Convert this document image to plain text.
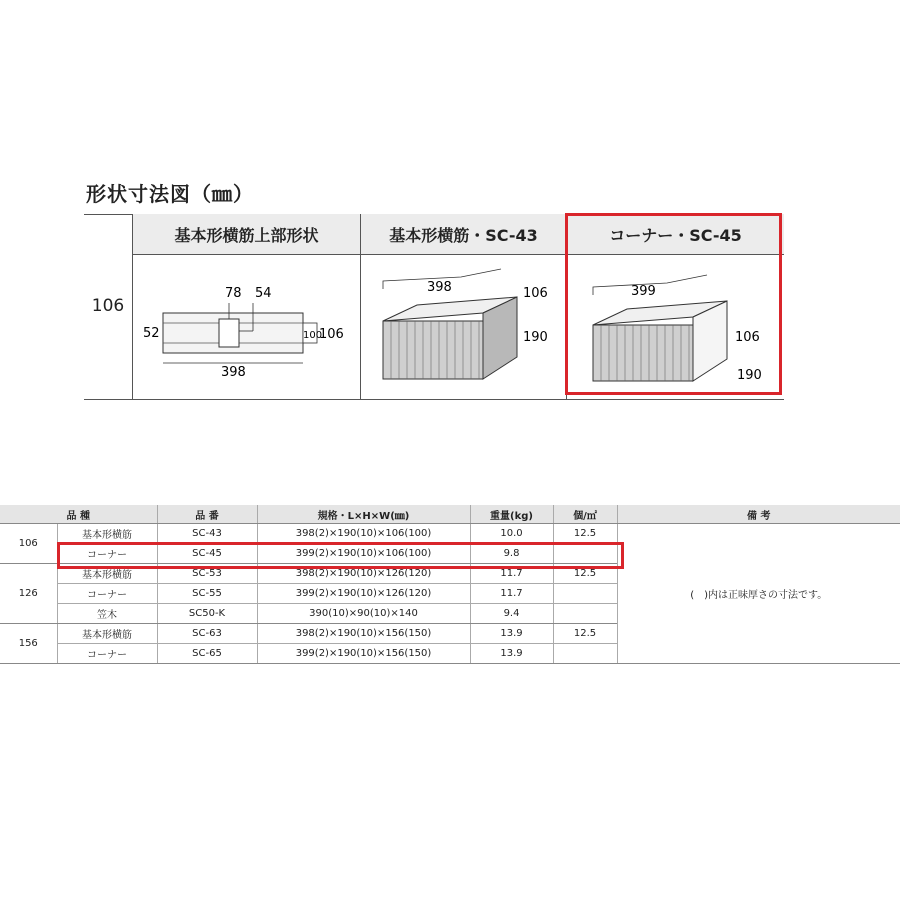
形状寸法図（㎜）
基本形横筋上部形状	基本形横筋・SC-43	コーナー・SC-45
106
78 54
52	100
106
398
398	106
190
399
106
190
品 種		品 番	規格・L×H×W(㎜)	重量(kg)	個/㎡	備 考
106	基本形横筋	SC-43	398(2)×190(10)×106(100)	10.0	12.5	(　)内は正味厚さの寸法です。
	コーナー	SC-45	399(2)×190(10)×106(100)	9.8		
126	基本形横筋	SC-53	398(2)×190(10)×126(120)	11.7	12.5	
	コーナー	SC-55	399(2)×190(10)×126(120)	11.7		
	笠木	SC50-K	390(10)×90(10)×140	9.4		
156	基本形横筋	SC-63	398(2)×190(10)×156(150)	13.9	12.5	
	コーナー	SC-65	399(2)×190(10)×156(150)	13.9		
